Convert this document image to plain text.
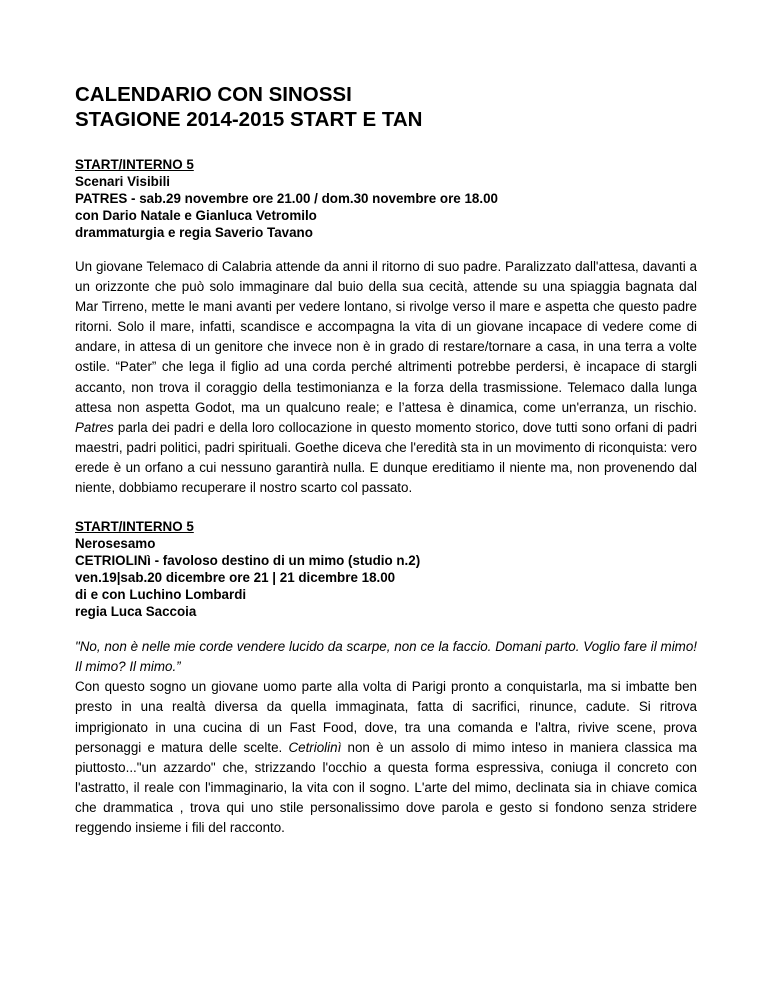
CALENDARIO CON SINOSSI
STAGIONE 2014-2015 START E TAN
START/INTERNO 5
Scenari Visibili
PATRES - sab.29 novembre ore 21.00 / dom.30 novembre ore 18.00
con Dario Natale e Gianluca Vetromilo
drammaturgia e regia Saverio Tavano

Un giovane Telemaco di Calabria attende da anni il ritorno di suo padre. Paralizzato dall'attesa, davanti a un orizzonte che può solo immaginare dal buio della sua cecità, attende su una spiaggia bagnata dal Mar Tirreno, mette le mani avanti per vedere lontano, si rivolge verso il mare e aspetta che questo padre ritorni. Solo il mare, infatti, scandisce e accompagna la vita di un giovane incapace di vedere come di andare, in attesa di un genitore che invece non è in grado di restare/tornare a casa, in una terra a volte ostile. “Pater” che lega il figlio ad una corda perché altrimenti potrebbe perdersi, è incapace di stargli accanto, non trova il coraggio della testimonianza e la forza della trasmissione. Telemaco dalla lunga attesa non aspetta Godot, ma un qualcuno reale; e l’attesa è dinamica, come un'erranza, un rischio. Patres parla dei padri e della loro collocazione in questo momento storico, dove tutti sono orfani di padri maestri, padri politici, padri spirituali. Goethe diceva che l'eredità sta in un movimento di riconquista: vero erede è un orfano a cui nessuno garantirà nulla. E dunque ereditiamo il niente ma, non provenendo dal niente, dobbiamo recuperare il nostro scarto col passato.

START/INTERNO 5
Nerosesamo
CETRIOLINì - favoloso destino di un mimo (studio n.2)
ven.19|sab.20 dicembre ore 21 | 21 dicembre 18.00
di e con Luchino Lombardi
regia Luca Saccoia

"No, non è nelle mie corde vendere lucido da scarpe, non ce la faccio. Domani parto. Voglio fare il mimo! Il mimo? Il mimo.”

Con questo sogno un giovane uomo parte alla volta di Parigi pronto a conquistarla, ma si imbatte ben presto in una realtà diversa da quella immaginata, fatta di sacrifici, rinunce, cadute. Si ritrova imprigionato in una cucina di un Fast Food, dove, tra una comanda e l'altra, rivive scene, prova personaggi e matura delle scelte. Cetriolinì non è un assolo di mimo inteso in maniera classica ma piuttosto..."un azzardo" che, strizzando l'occhio a questa forma espressiva, coniuga il concreto con l'astratto, il reale con l'immaginario, la vita con il sogno. L'arte del mimo, declinata sia in chiave comica che drammatica , trova qui uno stile personalissimo dove parola e gesto si fondono senza stridere reggendo insieme i fili del racconto.
